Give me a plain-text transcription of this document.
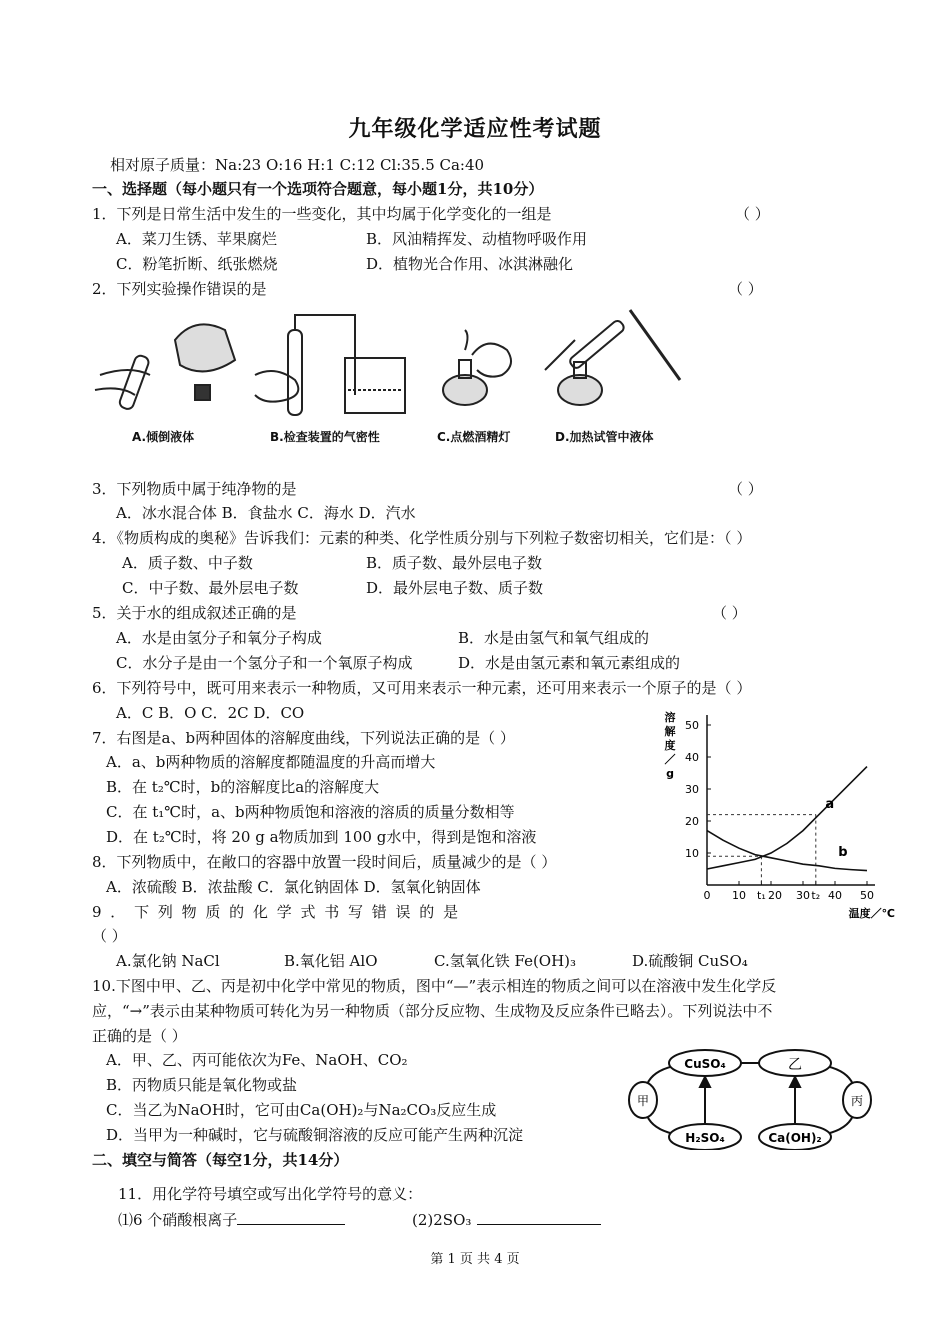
九年级化学适应性考试题
相对原子质量：Na:23 O:16 H:1 C:12 Cl:35.5 Ca:40
一、选择题（每小题只有一个选项符合题意，每小题1分，共10分）
1．下列是日常生活中发生的一些变化，其中均属于化学变化的一组是	（ ）
A．菜刀生锈、苹果腐烂	B．风油精挥发、动植物呼吸作用
C．粉笔折断、纸张燃烧	D．植物光合作用、冰淇淋融化
2．下列实验操作错误的是	（ ）
A.倾倒液体	B.检查装置的气密性	C.点燃酒精灯	D.加热试管中液体
3．下列物质中属于纯净物的是	（ ）
A．冰水混合体 B．食盐水 C．海水 D．汽水
4．《物质构成的奥秘》告诉我们：元素的种类、化学性质分别与下列粒子数密切相关，它们是：（ ）
A．质子数、中子数	B．质子数、最外层电子数
C．中子数、最外层电子数	D．最外层电子数、质子数
5．关于水的组成叙述正确的是	（ ）
A．水是由氢分子和氧分子构成	B．水是由氢气和氧气组成的
C．水分子是由一个氢分子和一个氧原子构成	D．水是由氢元素和氧元素组成的
6．下列符号中，既可用来表示一种物质，又可用来表示一种元素，还可用来表示一个原子的是（ ）
A．C B．O C．2C D．CO
7．右图是a、b两种固体的溶解度曲线，下列说法正确的是（ ）
A．a、b两种物质的溶解度都随温度的升高而增大
B．在 t₂℃时，b的溶解度比a的溶解度大
C．在 t₁℃时，a、b两种物质饱和溶液的溶质的质量分数相等
D．在 t₂℃时，将 20 g a物质加到 100 g水中，得到是饱和溶液
10
20
30
40
50
0 10 t₁ 20 30 t₂ 40 50
溶
解
度
／
g
温度／℃
a
b
8．下列物质中，在敞口的容器中放置一段时间后，质量减少的是（ ）
A．浓硫酸 B．浓盐酸 C．氯化钠固体 D．氢氧化钠固体
9 ． 下 列 物 质 的 化 学 式 书 写 错 误 的 是
（ ）
A.氯化钠 NaCl	B.氧化铝 AlO	C.氢氧化铁 Fe(OH)₃	D.硫酸铜 CuSO₄
10.下图中甲、乙、丙是初中化学中常见的物质，图中“—”表示相连的物质之间可以在溶液中发生化学反
应，“→”表示由某种物质可转化为另一种物质（部分反应物、生成物及反应条件已略去）。下列说法中不
正确的是（ ）
A．甲、乙、丙可能依次为Fe、NaOH、CO₂
B．丙物质只能是氧化物或盐
C．当乙为NaOH时，它可由Ca(OH)₂与Na₂CO₃反应生成
D．当甲为一种碱时，它与硫酸铜溶液的反应可能产生两种沉淀
CuSO₄	乙
甲	丙
H₂SO₄	Ca(OH)₂
二、填空与简答（每空1分，共14分）
11．用化学符号填空或写出化学符号的意义：
⑴6 个硝酸根离子	(2)2SO₃
第 1 页 共 4 页
